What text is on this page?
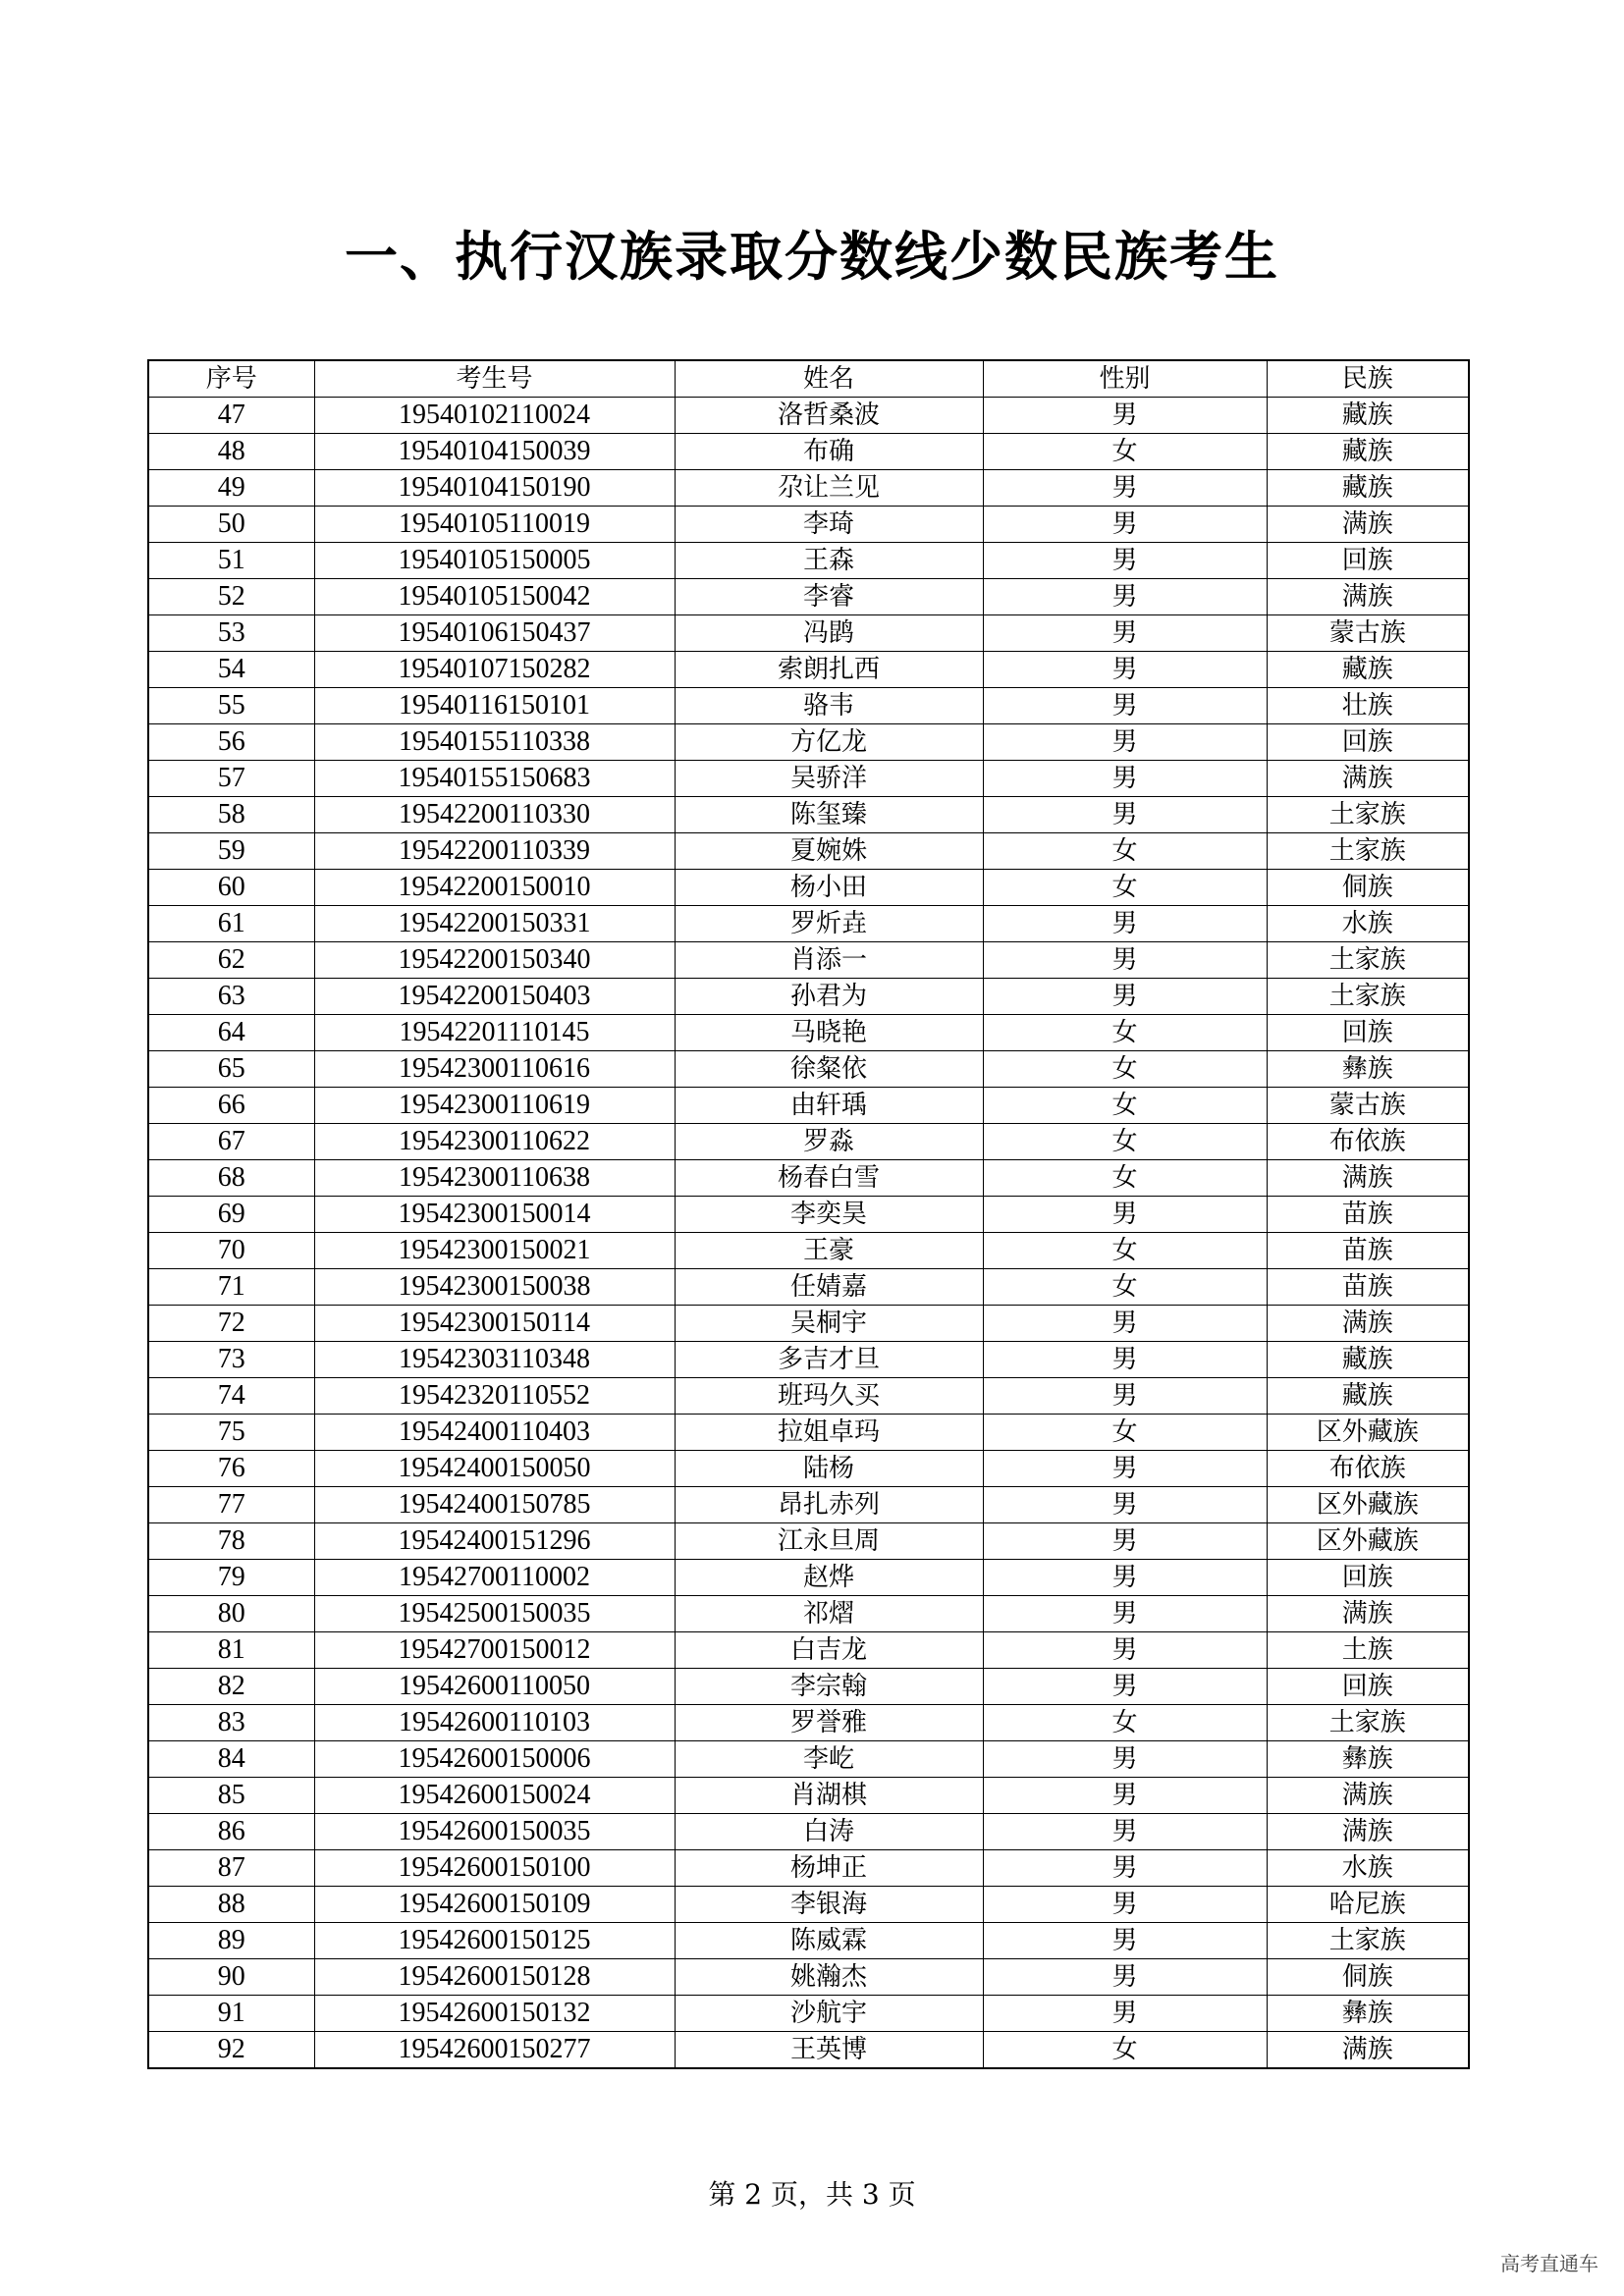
一、执行汉族录取分数线少数民族考生
序号	考生号	姓名	性别	民族
47	19540102110024	洛哲桑波	男	藏族
48	19540104150039	布确	女	藏族
49	19540104150190	尕让兰见	男	藏族
50	19540105110019	李琦	男	满族
51	19540105150005	王森	男	回族
52	19540105150042	李睿	男	满族
53	19540106150437	冯鹍	男	蒙古族
54	19540107150282	索朗扎西	男	藏族
55	19540116150101	骆韦	男	壮族
56	19540155110338	方亿龙	男	回族
57	19540155150683	吴骄洋	男	满族
58	19542200110330	陈玺臻	男	土家族
59	19542200110339	夏婉姝	女	土家族
60	19542200150010	杨小田	女	侗族
61	19542200150331	罗炘垚	男	水族
62	19542200150340	肖添一	男	土家族
63	19542200150403	孙君为	男	土家族
64	19542201110145	马晓艳	女	回族
65	19542300110616	徐粲依	女	彝族
66	19542300110619	由轩瑀	女	蒙古族
67	19542300110622	罗淼	女	布依族
68	19542300110638	杨春白雪	女	满族
69	19542300150014	李奕昊	男	苗族
70	19542300150021	王豪	女	苗族
71	19542300150038	任婧嘉	女	苗族
72	19542300150114	吴桐宇	男	满族
73	19542303110348	多吉才旦	男	藏族
74	19542320110552	班玛久买	男	藏族
75	19542400110403	拉姐卓玛	女	区外藏族
76	19542400150050	陆杨	男	布依族
77	19542400150785	昂扎赤列	男	区外藏族
78	19542400151296	江永旦周	男	区外藏族
79	19542700110002	赵烨	男	回族
80	19542500150035	祁熠	男	满族
81	19542700150012	白吉龙	男	土族
82	19542600110050	李宗翰	男	回族
83	19542600110103	罗誉雅	女	土家族
84	19542600150006	李屹	男	彝族
85	19542600150024	肖湖棋	男	满族
86	19542600150035	白涛	男	满族
87	19542600150100	杨坤正	男	水族
88	19542600150109	李银海	男	哈尼族
89	19542600150125	陈威霖	男	土家族
90	19542600150128	姚瀚杰	男	侗族
91	19542600150132	沙航宇	男	彝族
92	19542600150277	王英博	女	满族
第 2 页，共 3 页
高考直通车
